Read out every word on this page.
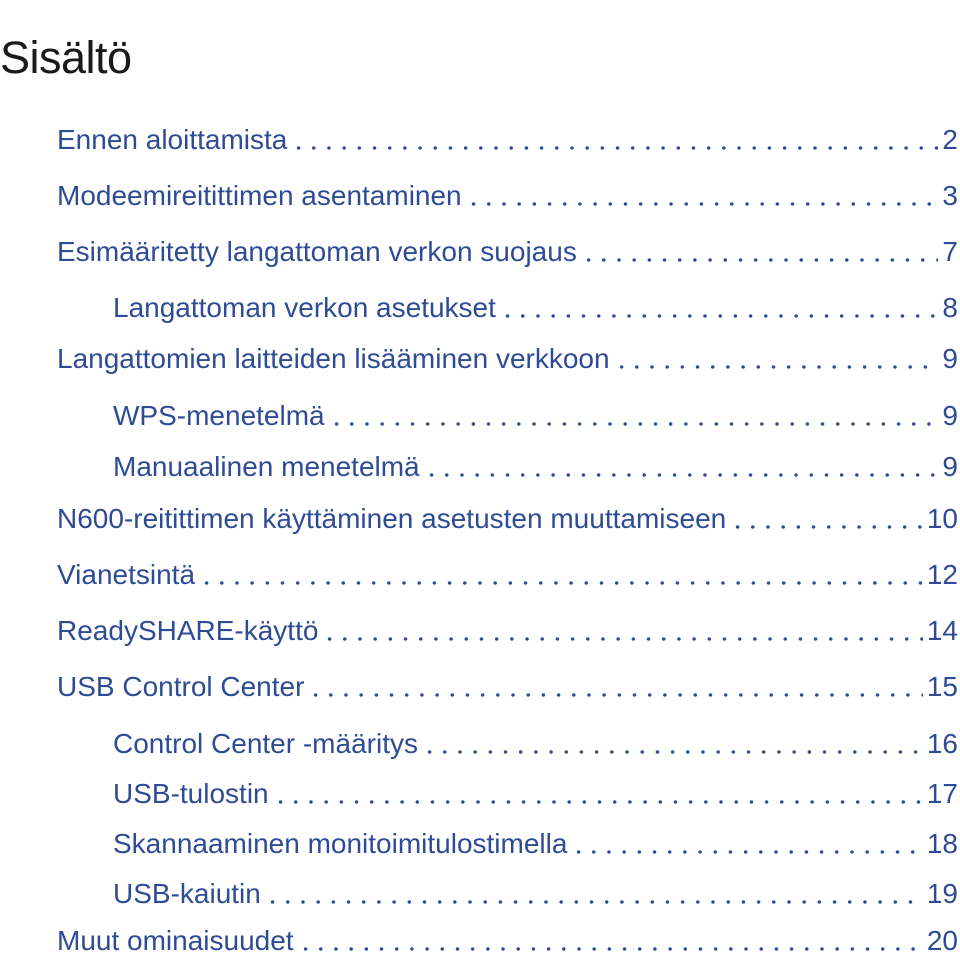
Sisältö
Ennen aloittamista	2
Modeemireitittimen asentaminen	3
Esimääritetty langattoman verkon suojaus	7
Langattoman verkon asetukset	8
Langattomien laitteiden lisääminen verkkoon	9
WPS-menetelmä	9
Manuaalinen menetelmä	9
N600-reitittimen käyttäminen asetusten muuttamiseen	10
Vianetsintä	12
ReadySHARE-käyttö	14
USB Control Center	15
Control Center -määritys	16
USB-tulostin	17
Skannaaminen monitoimitulostimella	18
USB-kaiutin	19
Muut ominaisuudet	20
